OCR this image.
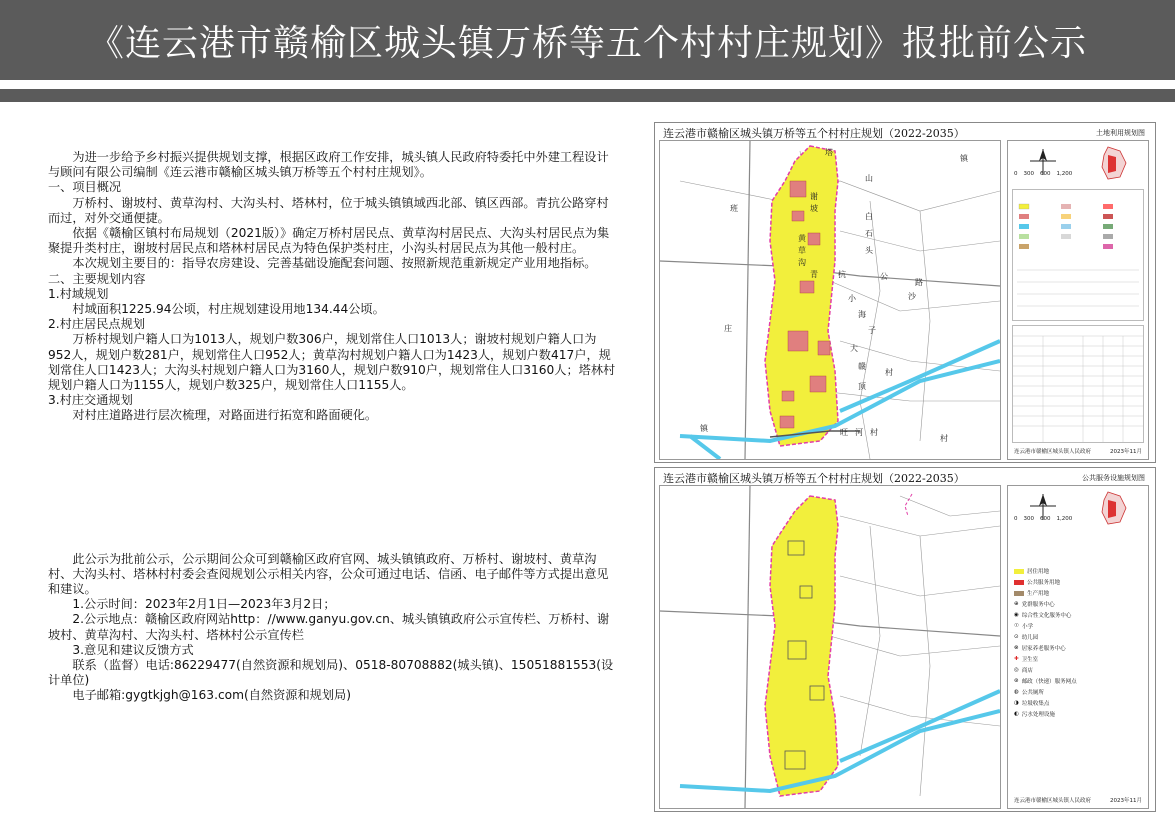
《连云港市赣榆区城头镇万桥等五个村村庄规划》报批前公示

为进一步给予乡村振兴提供规划支撑，根据区政府工作安排，城头镇人民政府特委托中外建工程设计与顾问有限公司编制《连云港市赣榆区城头镇万桥等五个村村庄规划》。

一、项目概况

万桥村、谢坡村、黄草沟村、大沟头村、塔林村，位于城头镇镇域西北部、镇区西部。青抗公路穿村而过，对外交通便捷。

依据《赣榆区镇村布局规划（2021版）》确定万桥村居民点、黄草沟村居民点、大沟头村居民点为集聚提升类村庄，谢坡村居民点和塔林村居民点为特色保护类村庄，小沟头村居民点为其他一般村庄。

本次规划主要目的：指导农房建设、完善基础设施配套问题、按照新规范重新规定产业用地指标。

二、主要规划内容

1.村域规划

村域面积1225.94公顷，村庄规划建设用地134.44公顷。

2.村庄居民点规划

万桥村规划户籍人口为1013人，规划户数306户，规划常住人口1013人；谢坡村规划户籍人口为952人，规划户数281户，规划常住人口952人；黄草沟村规划户籍人口为1423人，规划户数417户，规划常住人口1423人；大沟头村规划户籍人口为3160人，规划户数910户，规划常住人口3160人；塔林村规划户籍人口为1155人，规划户数325户，规划常住人口1155人。

3.村庄交通规划

对村庄道路进行层次梳理，对路面进行拓宽和路面硬化。

此公示为批前公示，公示期间公众可到赣榆区政府官网、城头镇镇政府、万桥村、谢坡村、黄草沟村、大沟头村、塔林村村委会查阅规划公示相关内容，公众可通过电话、信函、电子邮件等方式提出意见和建议。

1.公示时间：2023年2月1日—2023年3月2日；

2.公示地点：赣榆区政府网站http：//www.ganyu.gov.cn、城头镇镇政府公示宣传栏、万桥村、谢坡村、黄草沟村、大沟头村、塔林村公示宣传栏

3.意见和建议反馈方式

联系（监督）电话:86229477(自然资源和规划局)、0518-80708882(城头镇)、15051881553(设计单位)

电子邮箱:gygtkjgh@163.com(自然资源和规划局)

连云港市赣榆区城头镇万桥等五个村村庄规划（2022-2035）	土地利用规划图
塔
山
镇
班
白
石
头
谢
坡
黄
草
沟
青	抗	公
路
沙
小
海
子
大
赣
顶
村
庄
镇	旺 河 村
村
0 300 600 1,200
连云港市赣榆区城头镇人民政府	2023年11月
连云港市赣榆区城头镇万桥等五个村村庄规划（2022-2035）	公共服务设施规划图
0 300 600 1,200
居住用地
公共服务用地
生产用地
⊕ 党群服务中心
◉ 综合性文化服务中心
☉ 小学
⊙ 幼儿园
⊗ 居家养老服务中心
✚ 卫生室
◎ 商店
⊛ 邮政（快递）服务网点
◍ 公共厕所
◑ 垃圾收集点
◐ 污水处理设施
连云港市赣榆区城头镇人民政府	2023年11月
